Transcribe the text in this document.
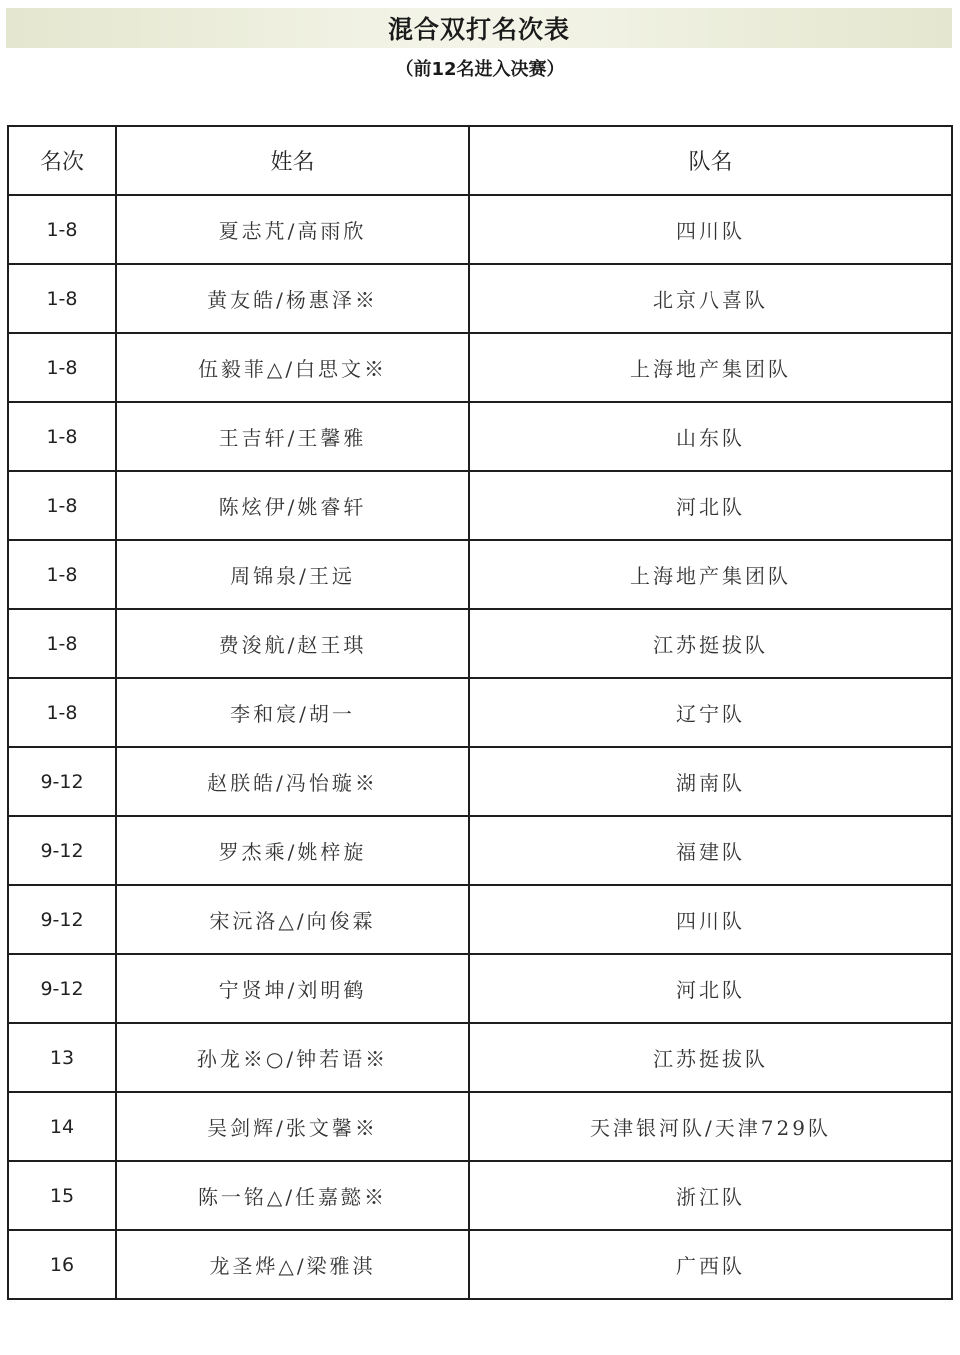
混合双打名次表
（前12名进入决赛）
名次	姓名	队名
1-8	夏志芃/高雨欣	四川队
1-8	黄友皓/杨惠泽※	北京八喜队
1-8	伍毅菲△/白思文※	上海地产集团队
1-8	王吉轩/王馨雅	山东队
1-8	陈炫伊/姚睿轩	河北队
1-8	周锦泉/王远	上海地产集团队
1-8	费浚航/赵王琪	江苏挺拔队
1-8	李和宸/胡一	辽宁队
9-12	赵朕皓/冯怡璇※	湖南队
9-12	罗杰乘/姚梓旋	福建队
9-12	宋沅洛△/向俊霖	四川队
9-12	宁贤坤/刘明鹤	河北队
13	孙龙※○/钟若语※	江苏挺拔队
14	吴剑辉/张文馨※	天津银河队/天津729队
15	陈一铭△/任嘉懿※	浙江队
16	龙圣烨△/梁雅淇	广西队
